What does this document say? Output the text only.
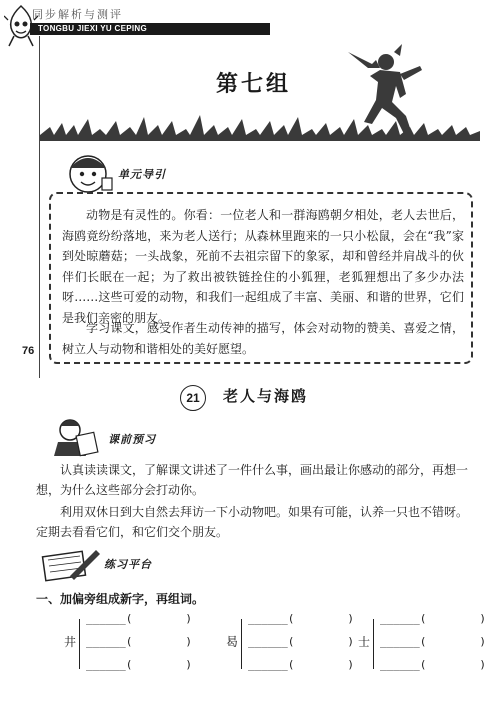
同步解析与测评
TONGBU JIEXI YU CEPING
第七组
单元导引

动物是有灵性的。你看：一位老人和一群海鸥朝夕相处，老人去世后，海鸥竟纷纷落地，来为老人送行；从森林里跑来的一只小松鼠，会在“我”家到处晾蘑菇；一头战象，死前不去祖宗留下的象冢，却和曾经并肩战斗的伙伴们长眠在一起；为了救出被铁链拴住的小狐狸，老狐狸想出了多少办法呀……这些可爱的动物，和我们一起组成了丰富、美丽、和谐的世界，它们是我们亲密的朋友。

学习课文，感受作者生动传神的描写，体会对动物的赞美、喜爱之情，树立人与动物和谐相处的美好愿望。

76
21	老人与海鸥
课前预习

认真读读课文，了解课文讲述了一件什么事，画出最让你感动的部分，再想一想，为什么这些部分会打动你。

利用双休日到大自然去拜访一下小动物吧。如果有可能，认养一只也不错呀。定期去看看它们，和它们交个朋友。

练习平台
一、加偏旁组成新字，再组词。
井
______(        )
______(        )
______(        )
曷
______(        )
______(        )
______(        )
士
______(        )
______(        )
______(        )
